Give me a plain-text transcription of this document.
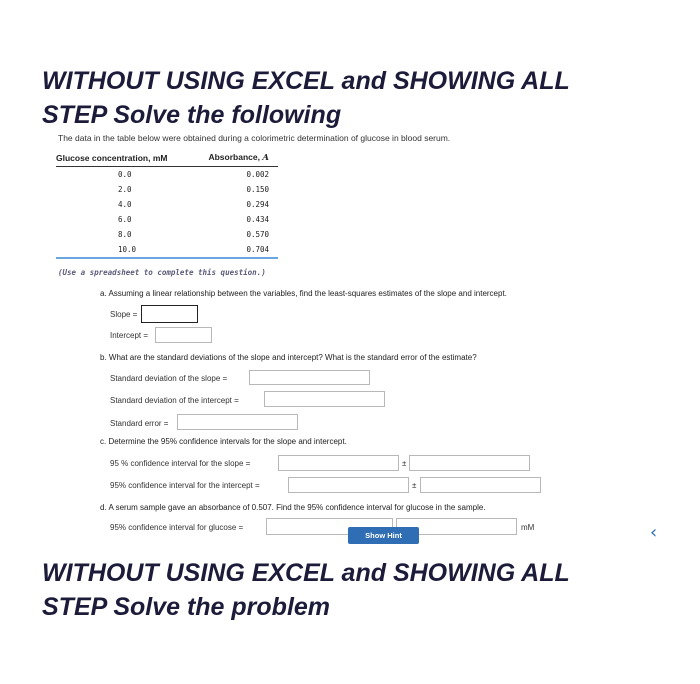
WITHOUT USING EXCEL and SHOWING ALL
STEP Solve the following
The data in the table below were obtained during a colorimetric determination of glucose in blood serum.
Glucose concentration, mM	Absorbance, A
0.0	0.002
2.0	0.150
4.0	0.294
6.0	0.434
8.0	0.570
10.0	0.704
(Use a spreadsheet to complete this question.)
a. Assuming a linear relationship between the variables, find the least-squares estimates of the slope and intercept.
Slope =
Intercept =
b. What are the standard deviations of the slope and intercept? What is the standard error of the estimate?
Standard deviation of the slope =
Standard deviation of the intercept =
Standard error =
c. Determine the 95% confidence intervals for the slope and intercept.
95 % confidence interval for the slope =	±
95% confidence interval for the intercept =	±
d. A serum sample gave an absorbance of 0.507. Find the 95% confidence interval for glucose in the sample.
95% confidence interval for glucose =	mM
Show Hint	‹
WITHOUT USING EXCEL and SHOWING ALL
STEP Solve the problem
